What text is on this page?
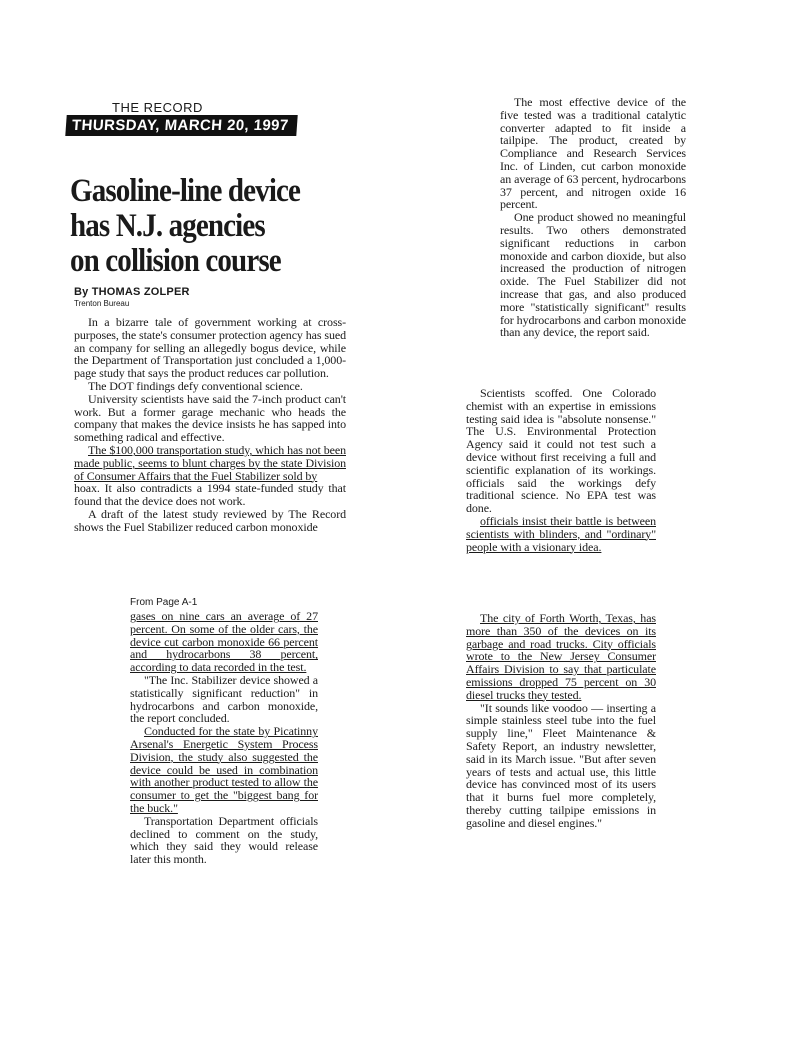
THE RECORD
THURSDAY, MARCH 20, 1997
Gasoline-line device
has N.J. agencies
on collision course
By THOMAS ZOLPER
Trenton Bureau

In a bizarre tale of government working at cross-purposes, the state's consumer protection agency has sued an company for selling an allegedly bogus device, while the Department of Transportation just concluded a 1,000-page study that says the product reduces car pollution.

The DOT findings defy conventional science.

University scientists have said the 7-inch product can't work. But a former garage mechanic who heads the company that makes the device insists he has sapped into something radical and effective.

The $100,000 transportation study, which has not been made public, seems to blunt charges by the state Division of Consumer Affairs that the Fuel Stabilizer sold by

hoax. It also contradicts a 1994 state-funded study that found that the device does not work.

A draft of the latest study reviewed by The Record shows the Fuel Stabilizer reduced carbon monoxide

From Page A-1

gases on nine cars an average of 27 percent. On some of the older cars, the device cut carbon monoxide 66 percent and hydrocarbons 38 percent, according to data recorded in the test.

"The Inc. Stabilizer device showed a statistically significant reduction" in hydrocarbons and carbon monoxide, the report concluded.

Conducted for the state by Picatinny Arsenal's Energetic System Process Division, the study also suggested the device could be used in combination with another product tested to allow the consumer to get the "biggest bang for the buck."

Transportation Department officials declined to comment on the study, which they said they would release later this month.

The most effective device of the five tested was a traditional catalytic converter adapted to fit inside a tailpipe. The product, created by Compliance and Research Services Inc. of Linden, cut carbon monoxide an average of 63 percent, hydrocarbons 37 percent, and nitrogen oxide 16 percent.

One product showed no meaningful results. Two others demonstrated significant reductions in carbon monoxide and carbon dioxide, but also increased the production of nitrogen oxide. The Fuel Stabilizer did not increase that gas, and also produced more "statistically significant" results for hydrocarbons and carbon monoxide than any device, the report said.

Scientists scoffed. One Colorado chemist with an expertise in emissions testing said idea is "absolute nonsense." The U.S. Environmental Protection Agency said it could not test such a device without first receiving a full and scientific explanation of its workings. officials said the workings defy traditional science. No EPA test was done.

officials insist their battle is between scientists with blinders, and "ordinary" people with a visionary idea.

The city of Forth Worth, Texas, has more than 350 of the devices on its garbage and road trucks. City officials wrote to the New Jersey Consumer Affairs Division to say that particulate emissions dropped 75 percent on 30 diesel trucks they tested.

"It sounds like voodoo — inserting a simple stainless steel tube into the fuel supply line," Fleet Maintenance & Safety Report, an industry newsletter, said in its March issue. "But after seven years of tests and actual use, this little device has convinced most of its users that it burns fuel more completely, thereby cutting tailpipe emissions in gasoline and diesel engines."
